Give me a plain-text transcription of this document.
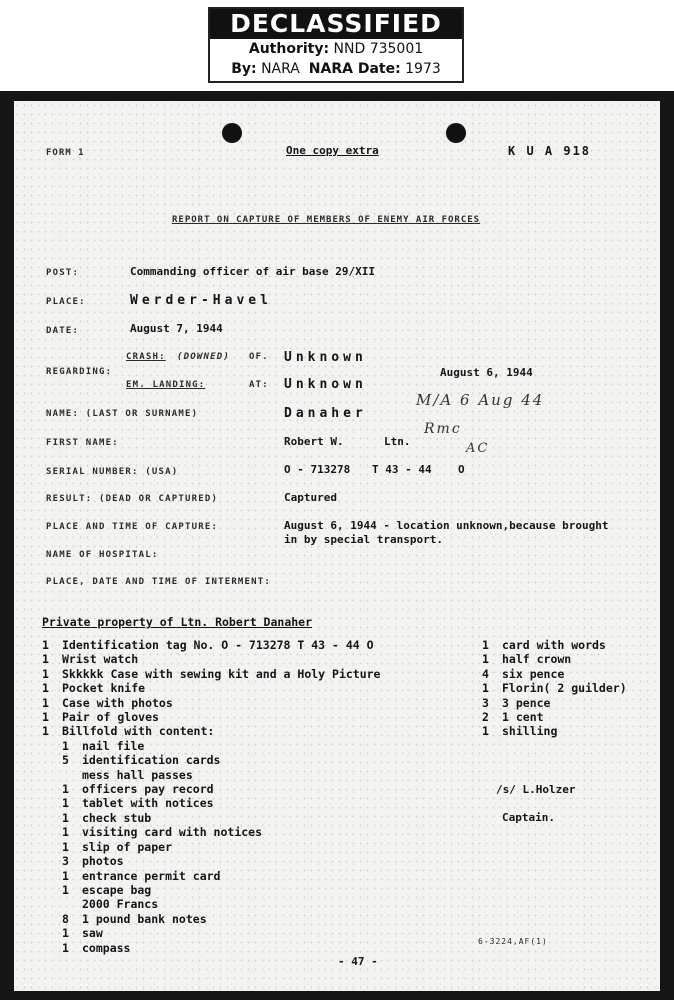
DECLASSIFIED
Authority: NND 735001
By: NARA NARA Date: 1973
FORM 1	One copy extra	K U A 918
REPORT ON CAPTURE OF MEMBERS OF ENEMY AIR FORCES
POST:	Commanding officer of air base 29/XII
PLACE:	Werder-Havel
DATE:	August 7, 1944
REGARDING:
CRASH: (DOWNED) OF. Unknown
EM. LANDING:	AT: Unknown
August 6, 1944
NAME: (LAST OR SURNAME)	Danaher
FIRST NAME:	Robert W.	Ltn.
SERIAL NUMBER: (USA)	O - 713278 T 43 - 44 O
RESULT: (DEAD OR CAPTURED)	Captured
PLACE AND TIME OF CAPTURE:	August 6, 1944 - location unknown,because brought
in by special transport.
NAME OF HOSPITAL:
PLACE, DATE AND TIME OF INTERMENT:
M/A 6 Aug 44
Rmc
AC
Private property of Ltn. Robert Danaher
1	Identification tag No. O - 713278 T 43 - 44 O
1	Wrist watch
1	Skkkkk Case with sewing kit and a Holy Picture
1	Pocket knife
1	Case with photos
1	Pair of gloves
1	Billfold with content:
1	nail file
5	identification cards
mess hall passes
1	officers pay record
1	tablet with notices
1	check stub
1	visiting card with notices
1	slip of paper
3	photos
1	entrance permit card
1	escape bag
2000 Francs
8	1 pound bank notes
1	saw
1	compass
1	card with words
1	half crown
4	six pence
1	Florin( 2 guilder)
3	3 pence
2	1 cent
1	shilling
/s/ L.Holzer
Captain.
6-3224,AF(1)
- 47 -
